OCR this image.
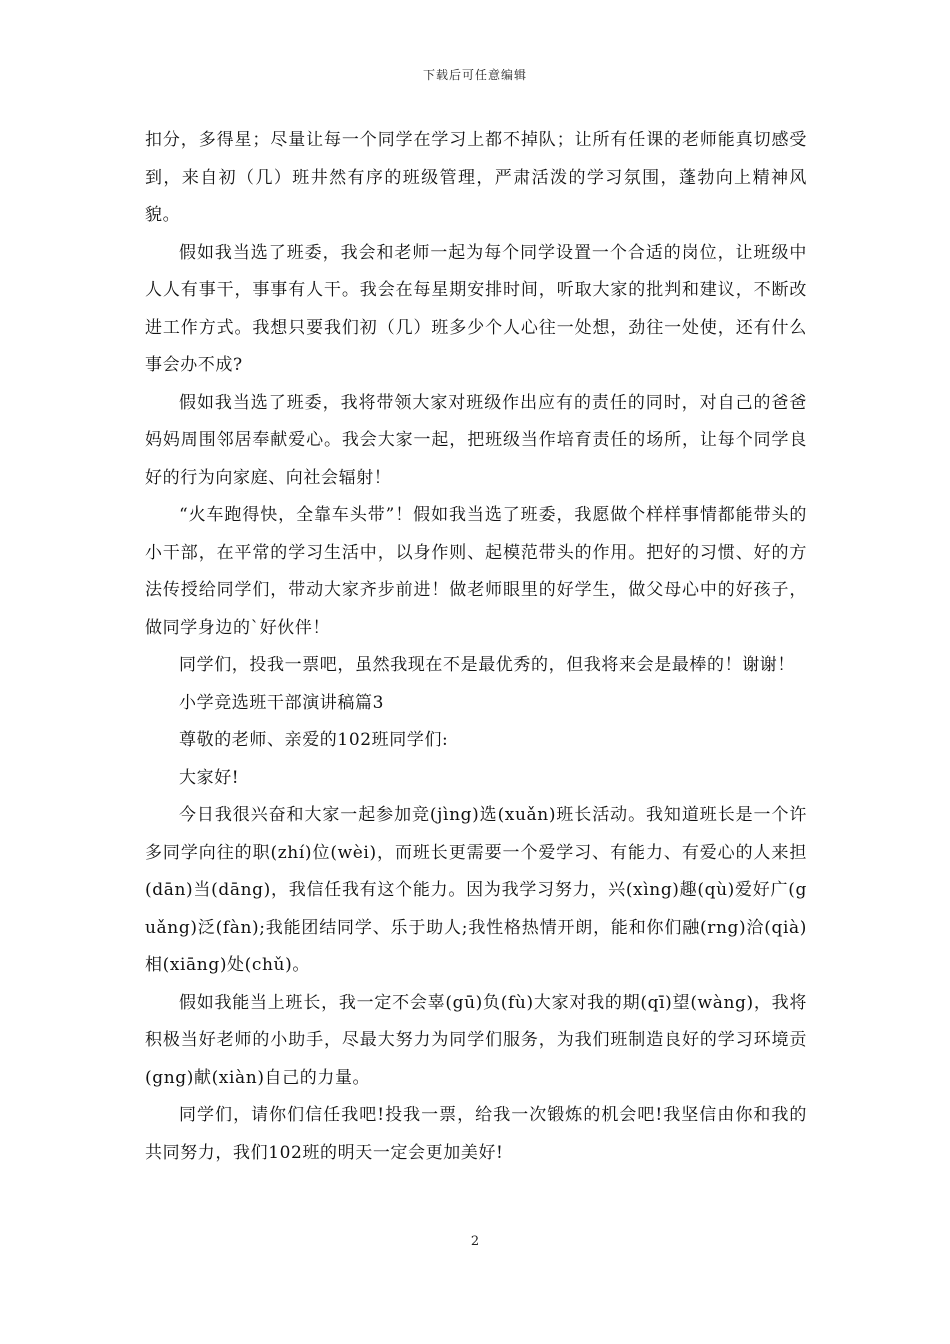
下载后可任意编辑

扣分，多得星；尽量让每一个同学在学习上都不掉队；让所有任课的老师能真切感受到，来自初（几）班井然有序的班级管理，严肃活泼的学习氛围，蓬勃向上精神风貌。

假如我当选了班委，我会和老师一起为每个同学设置一个合适的岗位，让班级中人人有事干，事事有人干。我会在每星期安排时间，听取大家的批判和建议，不断改进工作方式。我想只要我们初（几）班多少个人心往一处想，劲往一处使，还有什么事会办不成?

假如我当选了班委，我将带领大家对班级作出应有的责任的同时，对自己的爸爸妈妈周围邻居奉献爱心。我会大家一起，把班级当作培育责任的场所，让每个同学良好的行为向家庭、向社会辐射！

“火车跑得快，全靠车头带”！假如我当选了班委，我愿做个样样事情都能带头的小干部，在平常的学习生活中，以身作则、起模范带头的作用。把好的习惯、好的方法传授给同学们，带动大家齐步前进！做老师眼里的好学生，做父母心中的好孩子，做同学身边的`好伙伴！

同学们，投我一票吧，虽然我现在不是最优秀的，但我将来会是最棒的！谢谢！

小学竞选班干部演讲稿篇3

尊敬的老师、亲爱的102班同学们:

大家好!

今日我很兴奋和大家一起参加竞(jìng)选(xuǎn)班长活动。我知道班长是一个许多同学向往的职(zhí)位(wèi)，而班长更需要一个爱学习、有能力、有爱心的人来担(dān)当(dāng)，我信任我有这个能力。因为我学习努力，兴(xìng)趣(qù)爱好广(guǎng)泛(fàn);我能团结同学、乐于助人;我性格热情开朗，能和你们融(rng)洽(qià)相(xiāng)处(chǔ)。

假如我能当上班长，我一定不会辜(gū)负(fù)大家对我的期(qī)望(wàng)，我将积极当好老师的小助手，尽最大努力为同学们服务，为我们班制造良好的学习环境贡(gng)献(xiàn)自己的力量。

同学们，请你们信任我吧!投我一票，给我一次锻炼的机会吧!我坚信由你和我的共同努力，我们102班的明天一定会更加美好!

2
